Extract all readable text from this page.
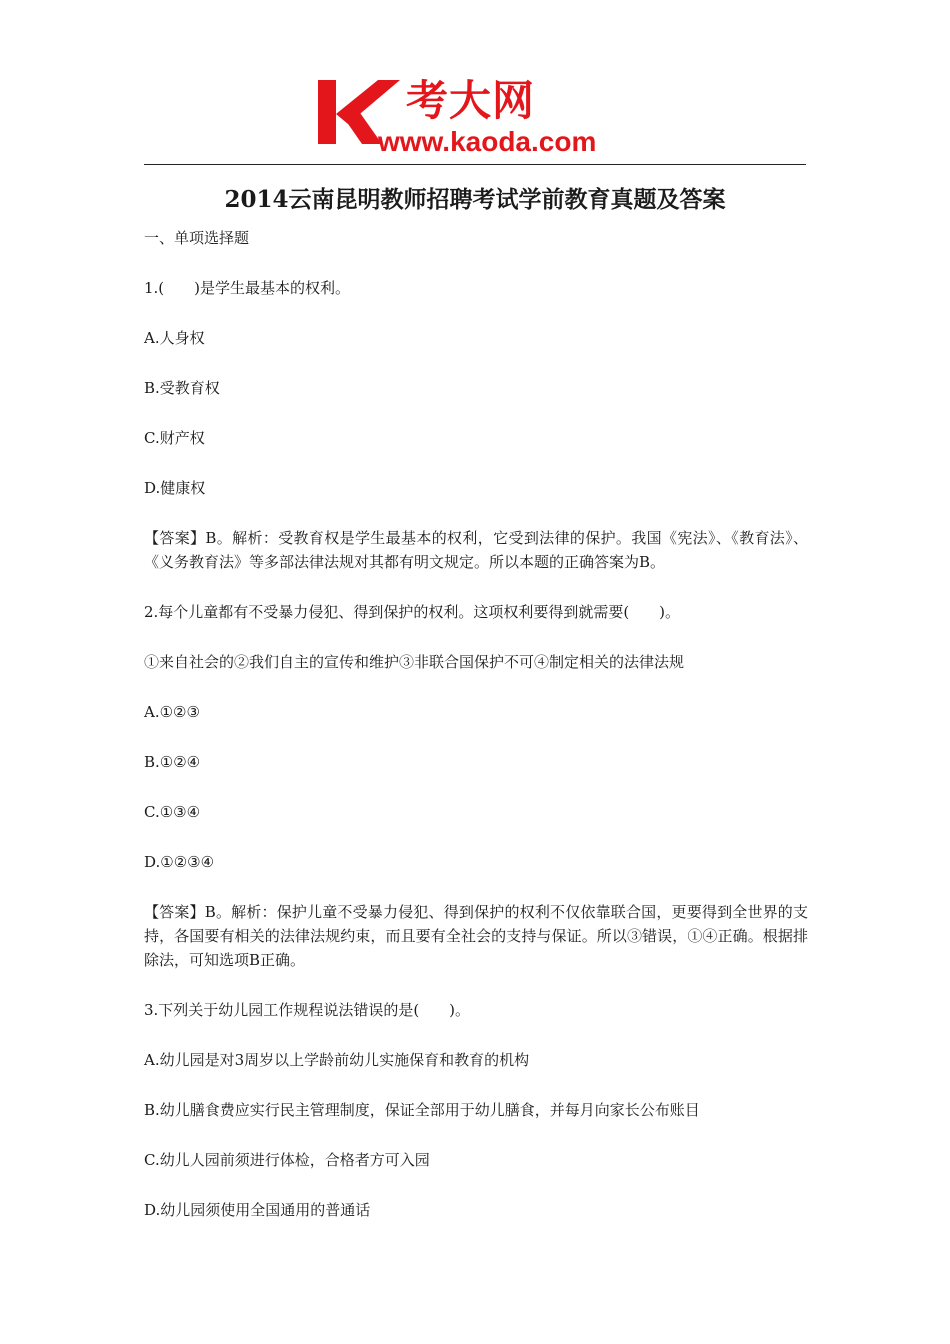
考大网
www.kaoda.com
2014云南昆明教师招聘考试学前教育真题及答案

一、单项选择题

1.(　　)是学生最基本的权利。

A.人身权

B.受教育权

C.财产权

D.健康权

【答案】B。解析：受教育权是学生最基本的权利，它受到法律的保护。我国《宪法》、《教育法》、《义务教育法》等多部法律法规对其都有明文规定。所以本题的正确答案为B。

2.每个儿童都有不受暴力侵犯、得到保护的权利。这项权利要得到就需要(　　)。

①来自社会的②我们自主的宣传和维护③非联合国保护不可④制定相关的法律法规

A.①②③

B.①②④

C.①③④

D.①②③④

【答案】B。解析：保护儿童不受暴力侵犯、得到保护的权利不仅依靠联合国，更要得到全世界的支持，各国要有相关的法律法规约束，而且要有全社会的支持与保证。所以③错误，①④正确。根据排除法，可知选项B正确。

3.下列关于幼儿园工作规程说法错误的是(　　)。

A.幼儿园是对3周岁以上学龄前幼儿实施保育和教育的机构

B.幼儿膳食费应实行民主管理制度，保证全部用于幼儿膳食，并每月向家长公布账目

C.幼儿人园前须进行体检，合格者方可入园

D.幼儿园须使用全国通用的普通话
